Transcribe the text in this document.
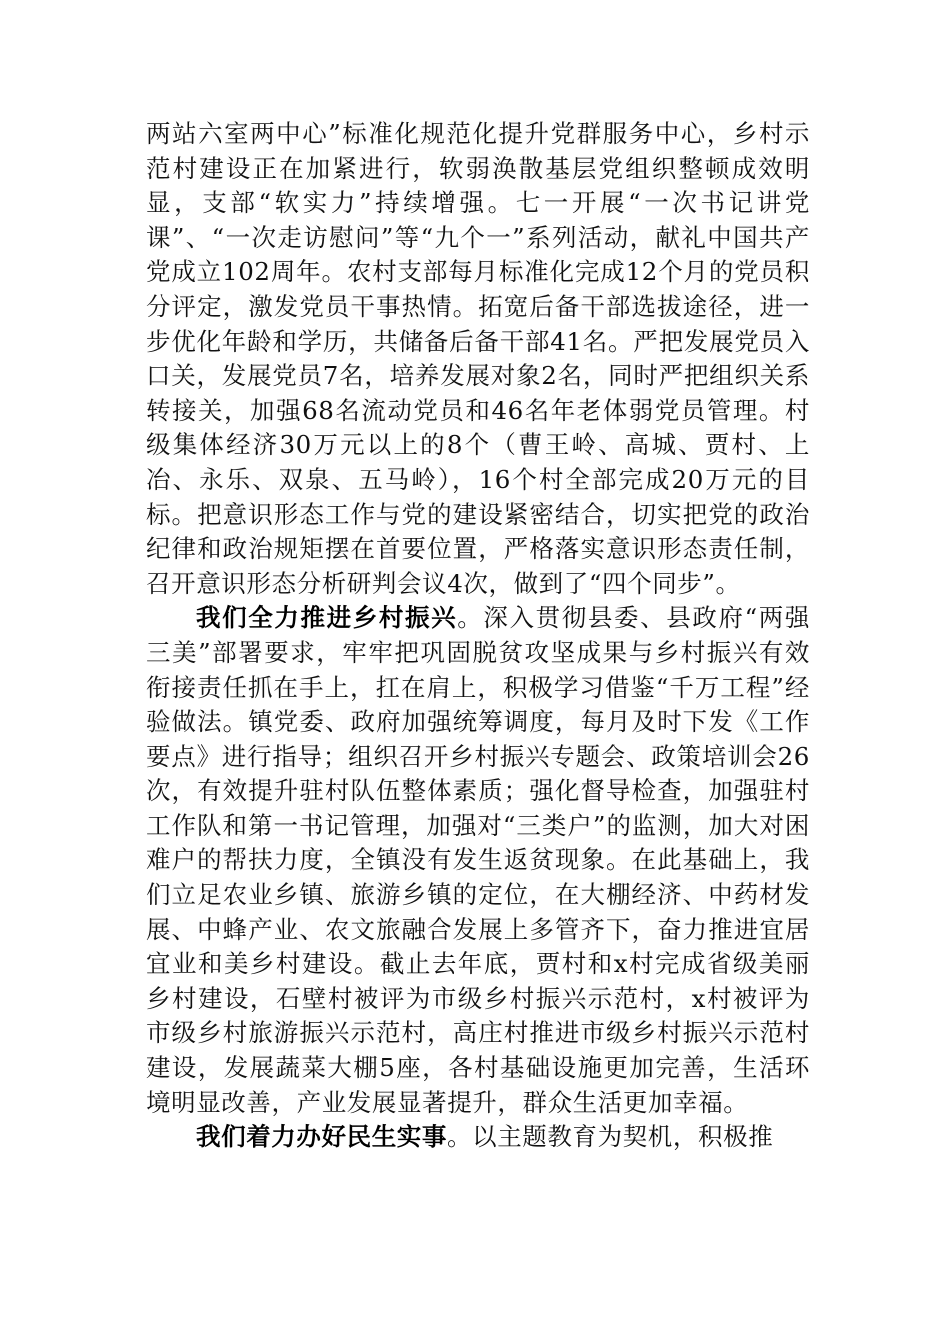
两站六室两中心”标准化规范化提升党群服务中心，乡村示范村建设正在加紧进行，软弱涣散基层党组织整顿成效明显，支部“软实力”持续增强。七一开展“一次书记讲党课”、“一次走访慰问”等“九个一”系列活动，献礼中国共产党成立102周年。农村支部每月标准化完成12个月的党员积分评定，激发党员干事热情。拓宽后备干部选拔途径，进一步优化年龄和学历，共储备后备干部41名。严把发展党员入口关，发展党员7名，培养发展对象2名，同时严把组织关系转接关，加强68名流动党员和46名年老体弱党员管理。村级集体经济30万元以上的8个（曹王岭、高城、贾村、上冶、永乐、双泉、五马岭），16个村全部完成20万元的目标。把意识形态工作与党的建设紧密结合，切实把党的政治纪律和政治规矩摆在首要位置，严格落实意识形态责任制，召开意识形态分析研判会议4次，做到了“四个同步”。

我们全力推进乡村振兴。深入贯彻县委、县政府“两强三美”部署要求，牢牢把巩固脱贫攻坚成果与乡村振兴有效衔接责任抓在手上，扛在肩上，积极学习借鉴“千万工程”经验做法。镇党委、政府加强统筹调度，每月及时下发《工作要点》进行指导；组织召开乡村振兴专题会、政策培训会26次，有效提升驻村队伍整体素质；强化督导检查，加强驻村工作队和第一书记管理，加强对“三类户”的监测，加大对困难户的帮扶力度，全镇没有发生返贫现象。在此基础上，我们立足农业乡镇、旅游乡镇的定位，在大棚经济、中药材发展、中蜂产业、农文旅融合发展上多管齐下，奋力推进宜居宜业和美乡村建设。截止去年底，贾村和x村完成省级美丽乡村建设，石壁村被评为市级乡村振兴示范村，x村被评为市级乡村旅游振兴示范村，高庄村推进市级乡村振兴示范村建设，发展蔬菜大棚5座，各村基础设施更加完善，生活环境明显改善，产业发展显著提升，群众生活更加幸福。

我们着力办好民生实事。以主题教育为契机，积极推
